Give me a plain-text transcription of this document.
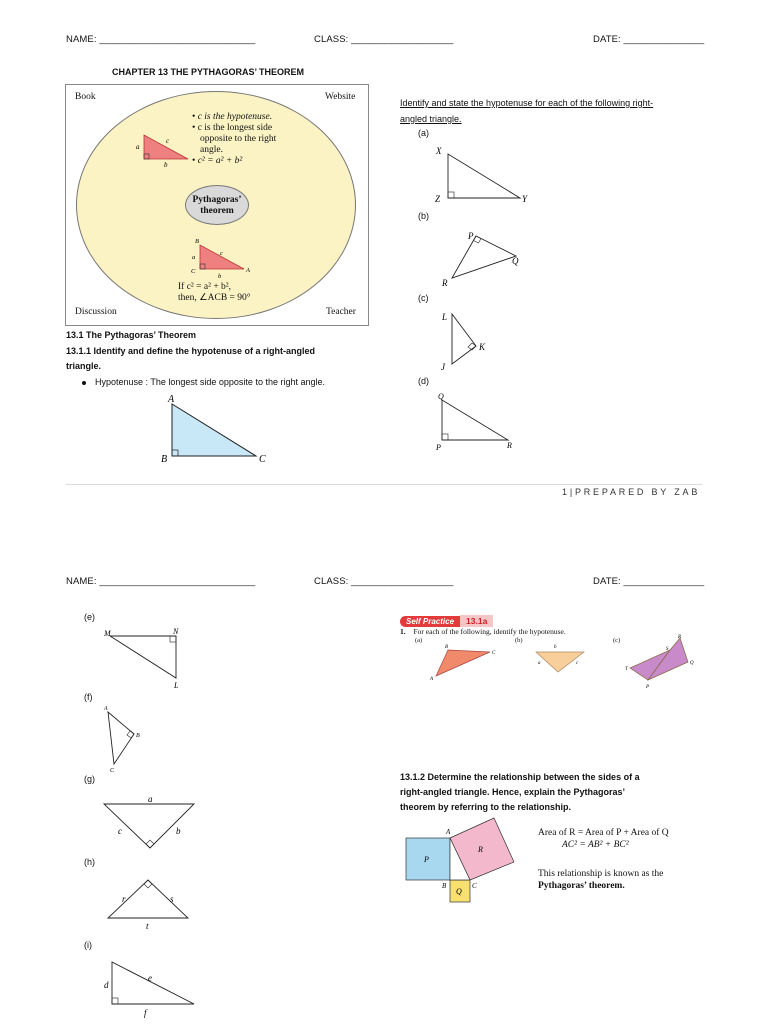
NAME: _____________________________	CLASS: ___________________	DATE: _______________
CHAPTER 13 THE PYTHAGORAS’ THEOREM
Book	Website
Discussion	Teacher
a
c
b
• c is the hypotenuse.
• c is the longest side
opposite to the right
angle.
• c² = a² + b²
Pythagoras’
theorem
B
a
c
C
b
A
If c² = a² + b²,
then, ∠ACB = 90°
13.1 The Pythagoras’ Theorem
13.1.1 Identify and define the hypotenuse of a right-angled
triangle.
Hypotenuse : The longest side opposite to the right angle.
A
B	C
Identify and state the hypotenuse for each of the following right-
angled triangle.
(a)
X
Z	Y
(b)
P
Q
R
(c)
L
K
J
(d)
Q
P	R
1|PREPARED BY ZAB
NAME: _____________________________	CLASS: ___________________	DATE: _______________
(e)
M	N
L
(f)
A
B
C
(g)
a
c	b
(h)
r	s
t
(i)
d
e
f
Self Practice 13.1a
1. For each of the following, identify the hypotenuse.
(a)	(b)	(c)
A
B
C
b
a	c
T
R
S
Q
P
13.1.2 Determine the relationship between the sides of a
right-angled triangle. Hence, explain the Pythagoras’
theorem by referring to the relationship.
P
R
Q
A
B	C
Area of R = Area of P + Area of Q
AC² = AB² + BC²
This relationship is known as the
Pythagoras’ theorem.
